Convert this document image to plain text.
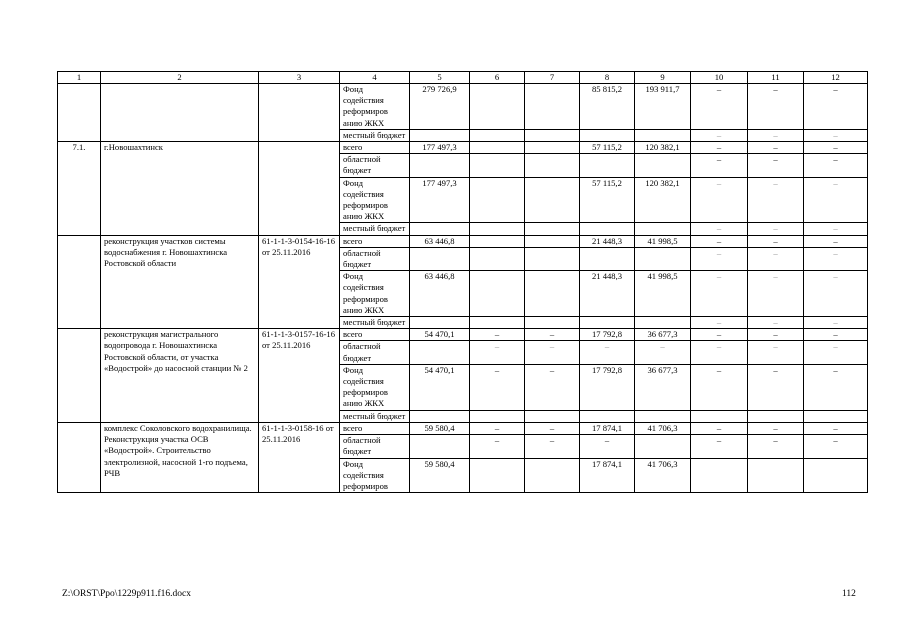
1	2	3	4	5	6	7	8	9	10	11	12
			Фонд содействия реформиров анию ЖКХ	279 726,9			85 815,2	193 911,7	–	–	–
			местный бюджет						–	–	–
7.1.	г.Новошахтинск		всего	177 497,3			57 115,2	120 382,1	–	–	–
			областной бюджет						–	–	–
			Фонд содействия реформиров анию ЖКХ	177 497,3			57 115,2	120 382,1	–	–	–
			местный бюджет						–	–	–
	реконструкция участков системы водоснабжения г. Новошахтинска Ростовской области	61-1-1-3-0154-16-16 от 25.11.2016	всего	63 446,8			21 448,3	41 998,5	–	–	–
			областной бюджет						–	–	–
			Фонд содействия реформиров анию ЖКХ	63 446,8			21 448,3	41 998,5	–	–	–
			местный бюджет						–	–	–
	реконструкция магистрального водопровода г. Новошахтинска Ростовской области, от участка «Водострой» до насосной станции № 2	61-1-1-3-0157-16-16 от 25.11.2016	всего	54 470,1	–	–	17 792,8	36 677,3	–	–	–
			областной бюджет		–	–	–	–	–	–	–
			Фонд содействия реформиров анию ЖКХ	54 470,1	–	–	17 792,8	36 677,3	–	–	–
			местный бюджет								
	комплекс Соколовского водохранилища. Реконструкция участка ОСВ «Водострой». Строительство электролизной, насосной 1-го подъема, РЧВ	61-1-1-3-0158-16 от 25.11.2016	всего	59 580,4	–	–	17 874,1	41 706,3	–	–	–
			областной бюджет		–	–	–		–	–	–
			Фонд содействия реформиров	59 580,4			17 874,1	41 706,3			
Z:\ORST\Ppo\1229p911.f16.docx	112
